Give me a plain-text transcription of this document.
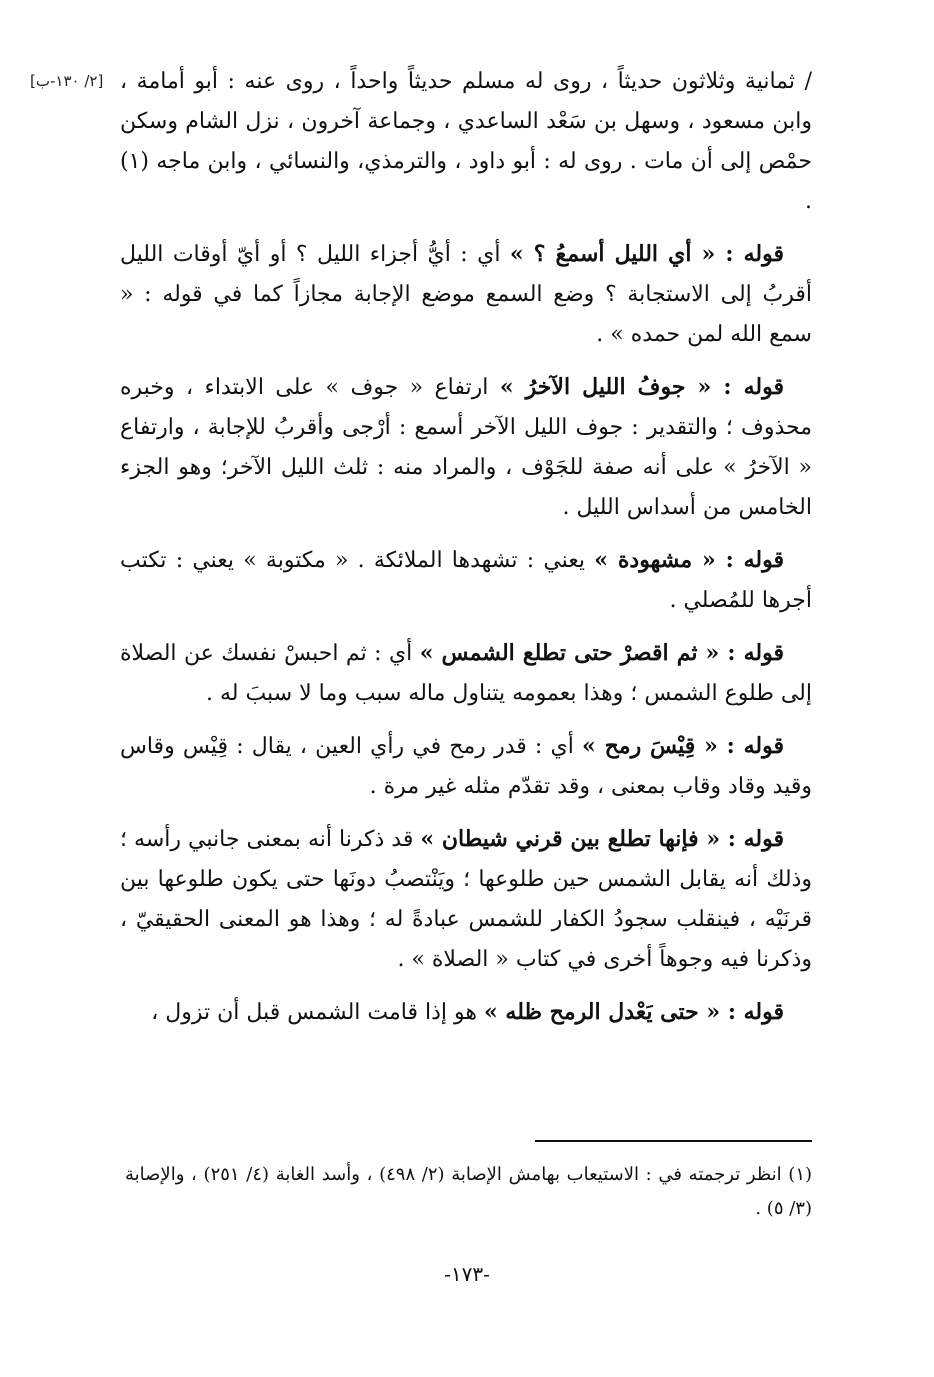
[٢/ ١٣٠-ب]	/ ثمانية وثلاثون حديثاً ، روى له مسلم حديثاً واحداً ، روى عنه : أبو أمامة ، وابن مسعود ، وسهل بن سَعْد الساعدي ، وجماعة آخرون ، نزل الشام وسكن حمْص إلى أن مات . روى له : أبو داود ، والترمذي، والنسائي ، وابن ماجه (١) .

قوله : « أي الليل أسمعُ ؟ » أي : أيُّ أجزاء الليل ؟ أو أيّ أوقات الليل أقربُ إلى الاستجابة ؟ وضع السمع موضع الإجابة مجازاً كما في قوله : « سمع الله لمن حمده » .

قوله : « جوفُ الليل الآخرُ » ارتفاع « جوف » على الابتداء ، وخبره محذوف ؛ والتقدير : جوف الليل الآخر أسمع : أرْجى وأقربُ للإجابة ، وارتفاع « الآخرُ » على أنه صفة للجَوْف ، والمراد منه : ثلث الليل الآخر؛ وهو الجزء الخامس من أسداس الليل .

قوله : « مشهودة » يعني : تشهدها الملائكة . « مكتوبة » يعني : تكتب أجرها للمُصلي .

قوله : « ثم اقصرْ حتى تطلع الشمس » أي : ثم احبسْ نفسك عن الصلاة إلى طلوع الشمس ؛ وهذا بعمومه يتناول ماله سبب وما لا سببَ له .

قوله : « قِيْسَ رمح » أي : قدر رمح في رأي العين ، يقال : قِيْس وقاس وقيد وقاد وقاب بمعنى ، وقد تقدّم مثله غير مرة .

قوله : « فإنها تطلع بين قرني شيطان » قد ذكرنا أنه بمعنى جانبي رأسه ؛ وذلك أنه يقابل الشمس حين طلوعها ؛ ويَنْتصبُ دونَها حتى يكون طلوعها بين قرنَيْه ، فينقلب سجودُ الكفار للشمس عبادةً له ؛ وهذا هو المعنى الحقيقيّ ، وذكرنا فيه وجوهاً أخرى في كتاب « الصلاة » .

قوله : « حتى يَعْدل الرمح ظله » هو إذا قامت الشمس قبل أن تزول ،

(١) انظر ترجمته في : الاستيعاب بهامش الإصابة (٢/ ٤٩٨) ، وأسد الغابة (٤/ ٢٥١) ، والإصابة (٣/ ٥) .
-١٧٣-
